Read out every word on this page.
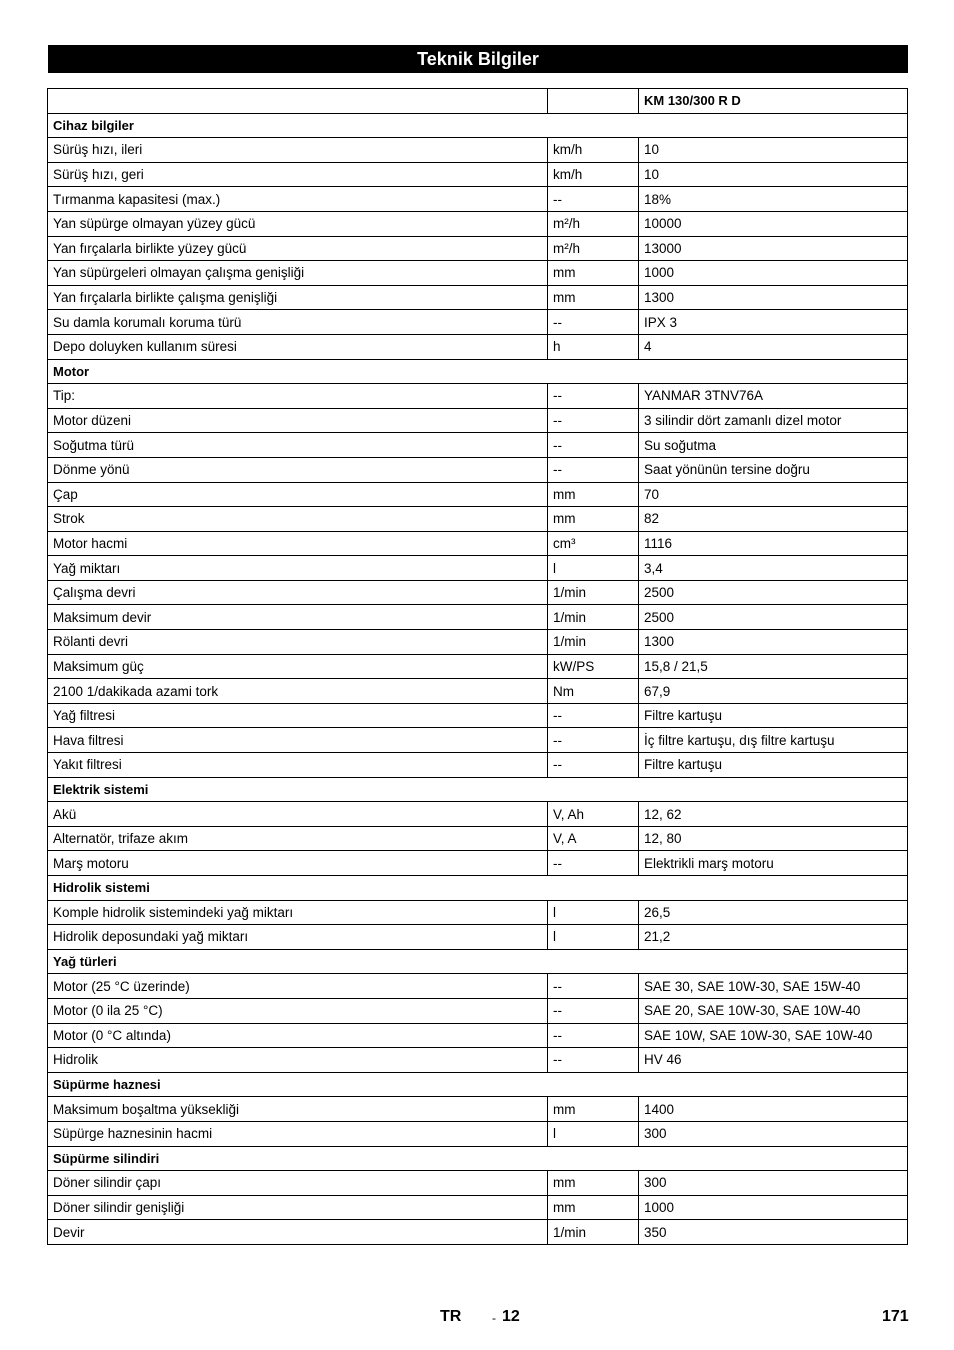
Teknik Bilgiler
		KM 130/300 R D
Cihaz bilgiler		
Sürüş hızı, ileri	km/h	10
Sürüş hızı, geri	km/h	10
Tırmanma kapasitesi (max.)	--	18%
Yan süpürge olmayan yüzey gücü	m²/h	10000
Yan fırçalarla birlikte yüzey gücü	m²/h	13000
Yan süpürgeleri olmayan çalışma genişliği	mm	1000
Yan fırçalarla birlikte çalışma genişliği	mm	1300
Su damla korumalı koruma türü	--	IPX 3
Depo doluyken kullanım süresi	h	4
Motor		
Tip:	--	YANMAR 3TNV76A
Motor düzeni	--	3 silindir dört zamanlı dizel motor
Soğutma türü	--	Su soğutma
Dönme yönü	--	Saat yönünün tersine doğru
Çap	mm	70
Strok	mm	82
Motor hacmi	cm³	1116
Yağ miktarı	l	3,4
Çalışma devri	1/min	2500
Maksimum devir	1/min	2500
Rölanti devri	1/min	1300
Maksimum güç	kW/PS	15,8 / 21,5
2100 1/dakikada azami tork	Nm	67,9
Yağ filtresi	--	Filtre kartuşu
Hava filtresi	--	İç filtre kartuşu, dış filtre kartuşu
Yakıt filtresi	--	Filtre kartuşu
Elektrik sistemi		
Akü	V, Ah	12, 62
Alternatör, trifaze akım	V, A	12, 80
Marş motoru	--	Elektrikli marş motoru
Hidrolik sistemi		
Komple hidrolik sistemindeki yağ miktarı	l	26,5
Hidrolik deposundaki yağ miktarı	l	21,2
Yağ türleri		
Motor (25 °C üzerinde)	--	SAE 30, SAE 10W-30, SAE 15W-40
Motor (0 ila 25 °C)	--	SAE 20, SAE 10W-30, SAE 10W-40
Motor (0 °C altında)	--	SAE 10W, SAE 10W-30, SAE 10W-40
Hidrolik	--	HV 46
Süpürme haznesi		
Maksimum boşaltma yüksekliği	mm	1400
Süpürge haznesinin hacmi	l	300
Süpürme silindiri		
Döner silindir çapı	mm	300
Döner silindir genişliği	mm	1000
Devir	1/min	350
TR	- 12	171
